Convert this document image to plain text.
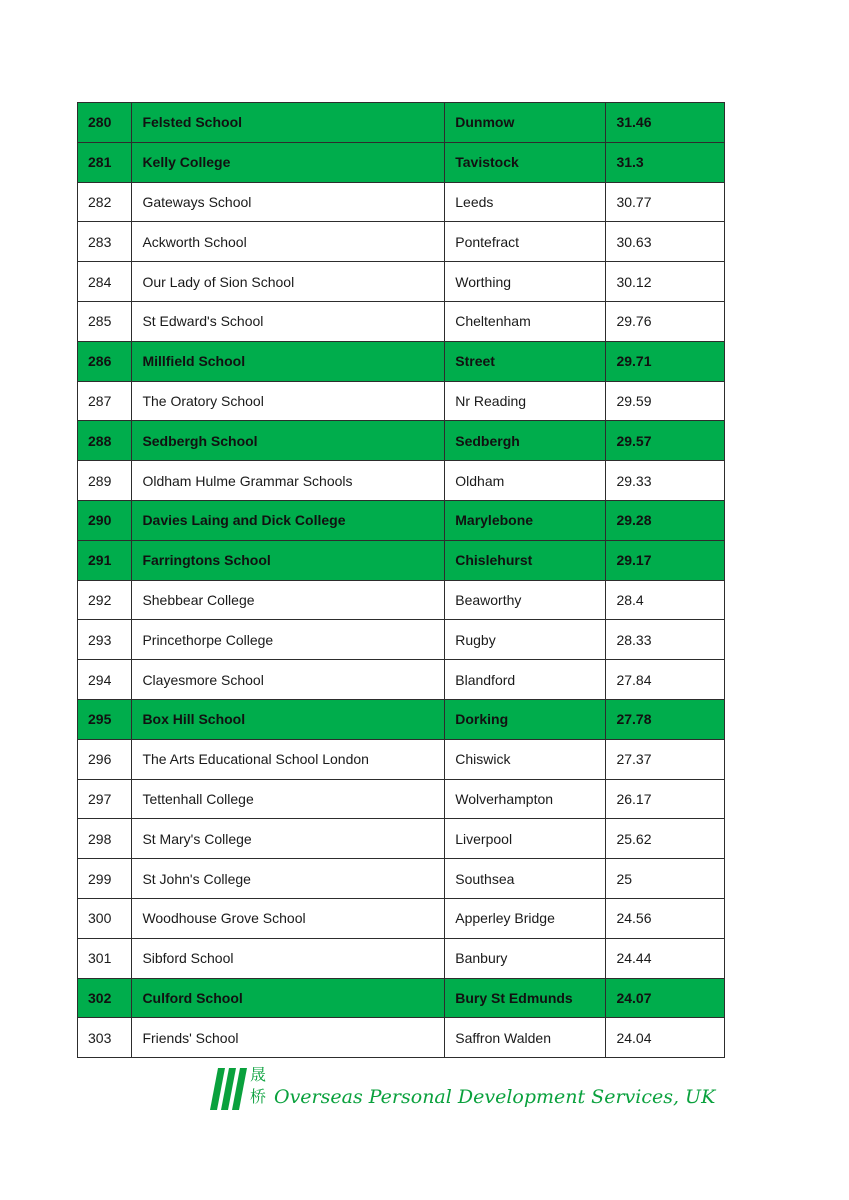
280	Felsted School	Dunmow	31.46
281	Kelly College	Tavistock	31.3
282	Gateways School	Leeds	30.77
283	Ackworth School	Pontefract	30.63
284	Our Lady of Sion School	Worthing	30.12
285	St Edward's School	Cheltenham	29.76
286	Millfield School	Street	29.71
287	The Oratory School	Nr Reading	29.59
288	Sedbergh School	Sedbergh	29.57
289	Oldham Hulme Grammar Schools	Oldham	29.33
290	Davies Laing and Dick College	Marylebone	29.28
291	Farringtons School	Chislehurst	29.17
292	Shebbear College	Beaworthy	28.4
293	Princethorpe College	Rugby	28.33
294	Clayesmore School	Blandford	27.84
295	Box Hill School	Dorking	27.78
296	The Arts Educational School London	Chiswick	27.37
297	Tettenhall College	Wolverhampton	26.17
298	St Mary's College	Liverpool	25.62
299	St John's College	Southsea	25
300	Woodhouse Grove School	Apperley Bridge	24.56
301	Sibford School	Banbury	24.44
302	Culford School	Bury St Edmunds	24.07
303	Friends' School	Saffron Walden	24.04
晟
桥 Overseas Personal Development Services, UK
